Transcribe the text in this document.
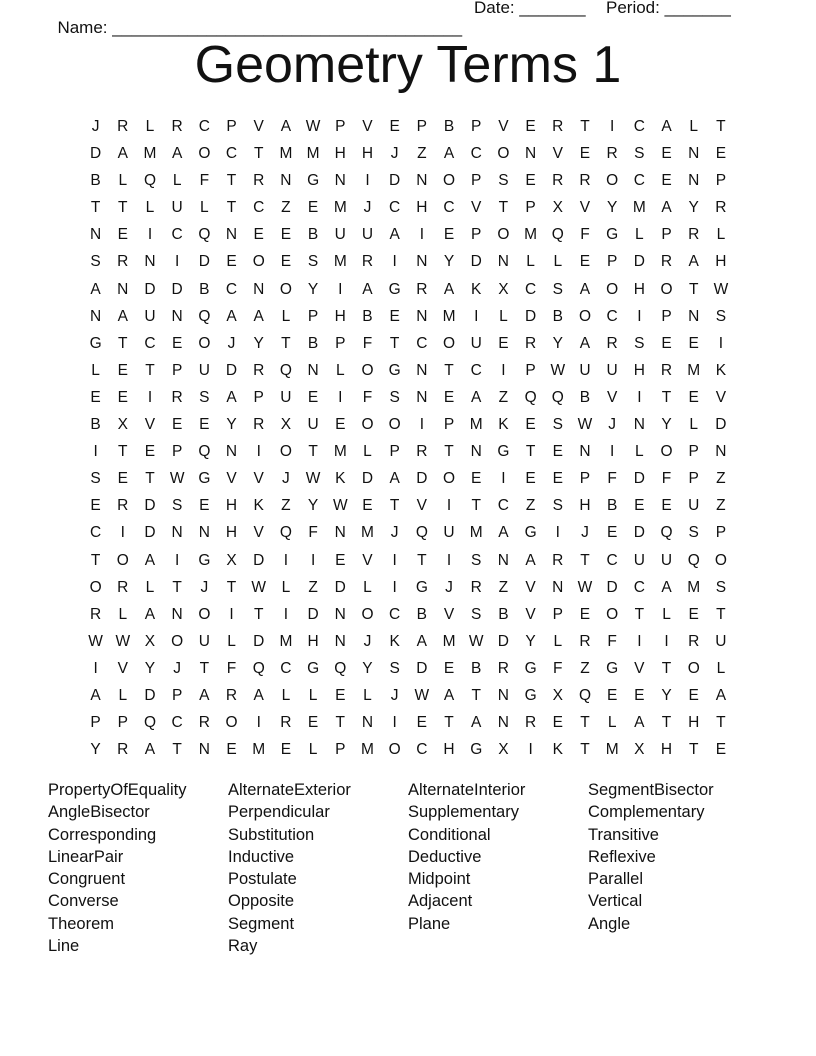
Name: _____________________________________

Date: _______

Period: _______

Geometry Terms 1
J	R	L	R	C	P	V	A W P	V	E	P	B	P	V	E	R	T	I	C	A	L	T
D	A	M	A	O	C	T	M M H	H	J	Z	A	C	O	N	V	E	R	S	E	N	E
B	L	Q	L	F	T	R	N	G	N	I	D	N	O	P	S	E	R	R	O	C	E	N	P
T	T	L	U	L	T	C	Z	E	M	J	C	H	C	V	T	P	X	V	Y	M	A	Y	R
N	E	I	C	Q	N	E	E	B	U	U	A	I	E	P	O M Q	F	G	L	P	R	L
S	R	N	I	D	E	O	E	S	M R	I	N	Y	D	N	L	L	E	P	D	R	A	H
A	N	D	D	B	C	N	O	Y	I	A	G	R	A	K	X	C	S	A	O	H	O	T W
N	A	U	N	Q	A	A	L	P	H	B	E	N M	I	L	D	B	O	C	I	P	N	S
G	T	C	E	O	J	Y	T	B	P	F	T	C	O	U	E	R	Y	A	R	S	E	E	I
L	E	T	P	U	D	R	Q	N	L	O G	N	T	C	I	P W U	U	H	R M	K
E	E	I	R	S	A	P	U	E	I	F	S	N	E	A	Z	Q Q	B	V	I	T	E	V
B	X	V	E	E	Y	R	X	U	E	O O	I	P	M	K	E	S W	J	N	Y	L	D
I	T	E	P	Q	N	I	O	T	M	L	P	R	T	N	G	T	E	N	I	L	O	P	N
S	E	T W G	V	V	J	W K	D	A	D	O	E	I	E	E	P	F	D	F	P	Z
E	R	D	S	E	H	K	Z	Y W E	T	V	I	T	C	Z	S	H	B	E	E	U	Z
C	I	D	N	N	H	V	Q	F	N M	J	Q	U M	A	G	I	J	E	D	Q	S	P
T	O	A	I	G	X	D	I	I	E	V	I	T	I	S	N	A	R	T	C	U	U	Q O
O	R	L	T	J	T W	L	Z	D	L	I	G	J	R	Z	V	N W D	C	A	M	S
R	L	A	N	O	I	T	I	D	N	O	C	B	V	S	B	V	P	E	O	T	L	E	T
W W X	O	U	L	D M H	N	J	K	A	M W D	Y	L	R	F	I	I	R	U
I	V	Y	J	T	F	Q	C	G Q	Y	S	D	E	B	R	G	F	Z	G	V	T	O	L
A	L	D	P	A	R	A	L	L	E	L	J	W A	T	N	G	X	Q	E	E	Y	E	A
P	P	Q	C	R	O	I	R	E	T	N	I	E	T	A	N	R	E	T	L	A	T	H	T
Y	R	A	T	N	E	M	E	L	P	M O	C	H	G	X	I	K	T	M	X	H	T	E
PropertyOfEquality	AlternateExterior	AlternateInterior	SegmentBisector
AngleBisector	Perpendicular	Supplementary	Complementary
Corresponding	Substitution	Conditional	Transitive
LinearPair	Inductive	Deductive	Reflexive
Congruent	Postulate	Midpoint	Parallel
Converse	Opposite	Adjacent	Vertical
Theorem	Segment	Plane	Angle
Line	Ray
